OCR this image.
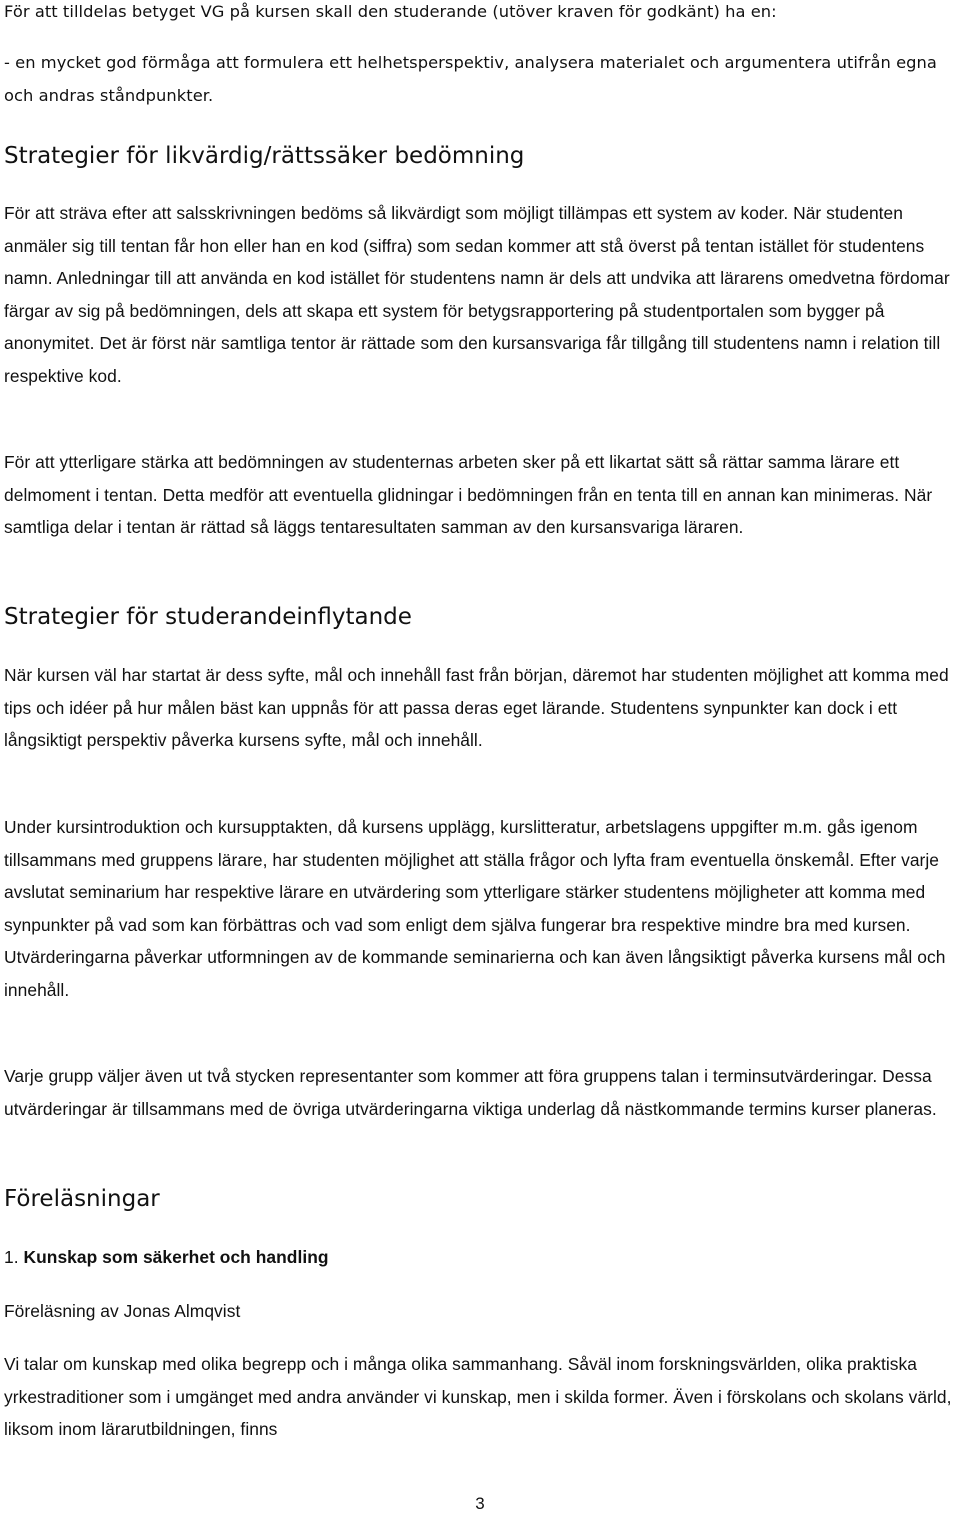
För att tilldelas betyget VG på kursen skall den studerande (utöver kraven för godkänt) ha en:

- en mycket god förmåga att formulera ett helhetsperspektiv, analysera materialet och argumentera utifrån egna och andras ståndpunkter.

Strategier för likvärdig/rättssäker bedömning

För att sträva efter att salsskrivningen bedöms så likvärdigt som möjligt tillämpas ett system av koder. När studenten anmäler sig till tentan får hon eller han en kod (siffra) som sedan kommer att stå överst på tentan istället för studentens namn. Anledningar till att använda en kod istället för studentens namn är dels att undvika att lärarens omedvetna fördomar färgar av sig på bedömningen, dels att skapa ett system för betygsrapportering på studentportalen som bygger på anonymitet. Det är först när samtliga tentor är rättade som den kursansvariga får tillgång till studentens namn i relation till respektive kod.

För att ytterligare stärka att bedömningen av studenternas arbeten sker på ett likartat sätt så rättar samma lärare ett delmoment i tentan. Detta medför att eventuella glidningar i bedömningen från en tenta till en annan kan minimeras. När samtliga delar i tentan är rättad så läggs tentaresultaten samman av den kursansvariga läraren.

Strategier för studerandeinflytande

När kursen väl har startat är dess syfte, mål och innehåll fast från början, däremot har studenten möjlighet att komma med tips och idéer på hur målen bäst kan uppnås för att passa deras eget lärande. Studentens synpunkter kan dock i ett långsiktigt perspektiv påverka kursens syfte, mål och innehåll.

Under kursintroduktion och kursupptakten, då kursens upplägg, kurslitteratur, arbetslagens uppgifter m.m. gås igenom tillsammans med gruppens lärare, har studenten möjlighet att ställa frågor och lyfta fram eventuella önskemål. Efter varje avslutat seminarium har respektive lärare en utvärdering som ytterligare stärker studentens möjligheter att komma med synpunkter på vad som kan förbättras och vad som enligt dem själva fungerar bra respektive mindre bra med kursen. Utvärderingarna påverkar utformningen av de kommande seminarierna och kan även långsiktigt påverka kursens mål och innehåll.

Varje grupp väljer även ut två stycken representanter som kommer att föra gruppens talan i terminsutvärderingar. Dessa utvärderingar är tillsammans med de övriga utvärderingarna viktiga underlag då nästkommande termins kurser planeras.

Föreläsningar

1. Kunskap som säkerhet och handling

Föreläsning av Jonas Almqvist

Vi talar om kunskap med olika begrepp och i många olika sammanhang. Såväl inom forskningsvärlden, olika praktiska yrkestraditioner som i umgänget med andra använder vi kunskap, men i skilda former. Även i förskolans och skolans värld, liksom inom lärarutbildningen, finns

3
